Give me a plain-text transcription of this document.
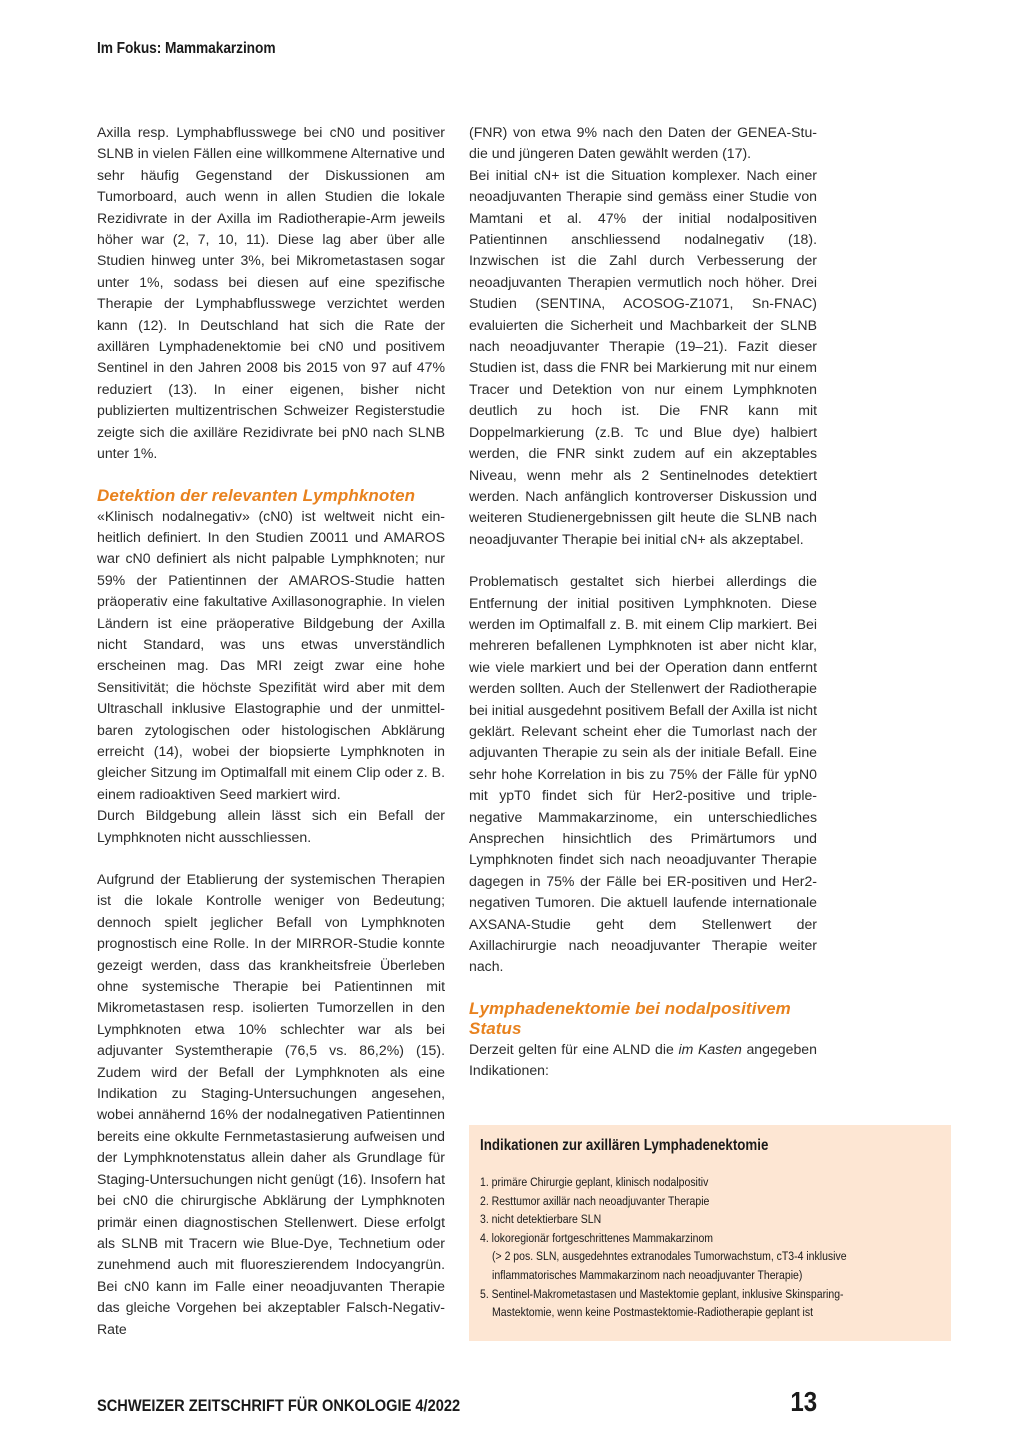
Im Fokus: Mammakarzinom

Axilla resp. Lymphabflusswege bei cN0 und positiver SLNB in vielen Fällen eine willkommene Alternative und sehr häufig Gegenstand der Diskussionen am Tumorboard, auch wenn in allen Studien die lokale Rezidivrate in der Axilla im Radiotherapie-Arm jeweils höher war (2, 7, 10, 11). Diese lag aber über alle Studien hinweg unter 3%, bei Mikrometastasen sogar unter 1%, sodass bei diesen auf eine spezifische Therapie der Lymphabflusswege verzichtet werden kann (12). In Deutschland hat sich die Rate der axillären Lymphadenektomie bei cN0 und positivem Sentinel in den Jahren 2008 bis 2015 von 97 auf 47% reduziert (13). In einer eigenen, bisher nicht publizierten multizentrischen Schweizer Registerstudie zeigte sich die axilläre Rezidivrate bei pN0 nach SLNB unter 1%.

Detektion der relevanten Lymphknoten

«Klinisch nodalnegativ» (cN0) ist weltweit nicht einheitlich definiert. In den Studien Z0011 und AMAROS war cN0 definiert als nicht palpable Lymphknoten; nur 59% der Patientinnen der AMAROS-Studie hatten präoperativ eine fakultative Axillasonographie. In vielen Ländern ist eine präoperative Bildgebung der Axilla nicht Standard, was uns etwas unverständlich erscheinen mag. Das MRI zeigt zwar eine hohe Sensitivität; die höchste Spezifität wird aber mit dem Ultraschall inklusive Elastographie und der unmittelbaren zytologischen oder histologischen Abklärung erreicht (14), wobei der biopsierte Lymphknoten in gleicher Sitzung im Optimalfall mit einem Clip oder z. B. einem radioaktiven Seed markiert wird.

Durch Bildgebung allein lässt sich ein Befall der Lymphknoten nicht ausschliessen.

Aufgrund der Etablierung der systemischen Therapien ist die lokale Kontrolle weniger von Bedeutung; dennoch spielt jeglicher Befall von Lymphknoten prognostisch eine Rolle. In der MIRROR-Studie konnte gezeigt werden, dass das krankheitsfreie Überleben ohne systemische Therapie bei Patientinnen mit Mikrometastasen resp. isolierten Tumorzellen in den Lymphknoten etwa 10% schlechter war als bei adjuvanter Systemtherapie (76,5 vs. 86,2%) (15). Zudem wird der Befall der Lymphknoten als eine Indikation zu Staging-Untersuchungen angesehen, wobei annähernd 16% der nodalnegativen Patientinnen bereits eine okkulte Fernmetastasierung aufweisen und der Lymphknotenstatus allein daher als Grundlage für Staging-Untersuchungen nicht genügt (16). Insofern hat bei cN0 die chirurgische Abklärung der Lymphknoten primär einen diagnostischen Stellenwert. Diese erfolgt als SLNB mit Tracern wie Blue-Dye, Technetium oder zunehmend auch mit fluoreszierendem Indocyangrün. Bei cN0 kann im Falle einer neoadjuvanten Therapie das gleiche Vorgehen bei akzeptabler Falsch-Negativ-Rate

(FNR) von etwa 9% nach den Daten der GENEA-Studie und jüngeren Daten gewählt werden (17).

Bei initial cN+ ist die Situation komplexer. Nach einer neoadjuvanten Therapie sind gemäss einer Studie von Mamtani et al. 47% der initial nodalpositiven Patientinnen anschliessend nodalnegativ (18). Inzwischen ist die Zahl durch Verbesserung der neoadjuvanten Therapien vermutlich noch höher. Drei Studien (SENTINA, ACOSOG-Z1071, Sn-FNAC) evaluierten die Sicherheit und Machbarkeit der SLNB nach neoadjuvanter Therapie (19–21). Fazit dieser Studien ist, dass die FNR bei Markierung mit nur einem Tracer und Detektion von nur einem Lymphknoten deutlich zu hoch ist. Die FNR kann mit Doppelmarkierung (z.B. Tc und Blue dye) halbiert werden, die FNR sinkt zudem auf ein akzeptables Niveau, wenn mehr als 2 Sentinelnodes detektiert werden. Nach anfänglich kontroverser Diskussion und weiteren Studienergebnissen gilt heute die SLNB nach neoadjuvanter Therapie bei initial cN+ als akzeptabel.

Problematisch gestaltet sich hierbei allerdings die Entfernung der initial positiven Lymphknoten. Diese werden im Optimalfall z. B. mit einem Clip markiert. Bei mehreren befallenen Lymphknoten ist aber nicht klar, wie viele markiert und bei der Operation dann entfernt werden sollten. Auch der Stellenwert der Radiotherapie bei initial ausgedehnt positivem Befall der Axilla ist nicht geklärt. Relevant scheint eher die Tumorlast nach der adjuvanten Therapie zu sein als der initiale Befall. Eine sehr hohe Korrelation in bis zu 75% der Fälle für ypN0 mit ypT0 findet sich für Her2-positive und triple-negative Mammakarzinome, ein unterschiedliches Ansprechen hinsichtlich des Primärtumors und Lymphknoten findet sich nach neoadjuvanter Therapie dagegen in 75% der Fälle bei ER-positiven und Her2-negativen Tumoren. Die aktuell laufende internationale AXSANA-Studie geht dem Stellenwert der Axillachirurgie nach neoadjuvanter Therapie weiter nach.

Lymphadenektomie bei nodalpositivem Status

Derzeit gelten für eine ALND die im Kasten angegeben Indikationen:

Indikationen zur axillären Lymphadenektomie
1. primäre Chirurgie geplant, klinisch nodalpositiv
2. Resttumor axillär nach neoadjuvanter Therapie
3. nicht detektierbare SLN
4. lokoregionär fortgeschrittenes Mammakarzinom
(> 2 pos. SLN, ausgedehntes extranodales Tumorwachstum, cT3-4 inklusive
inflammatorisches Mammakarzinom nach neoadjuvanter Therapie)
5. Sentinel-Makrometastasen und Mastektomie geplant, inklusive Skinsparing-
Mastektomie, wenn keine Postmastektomie-Radiotherapie geplant ist
SCHWEIZER ZEITSCHRIFT FÜR ONKOLOGIE 4/2022	13
